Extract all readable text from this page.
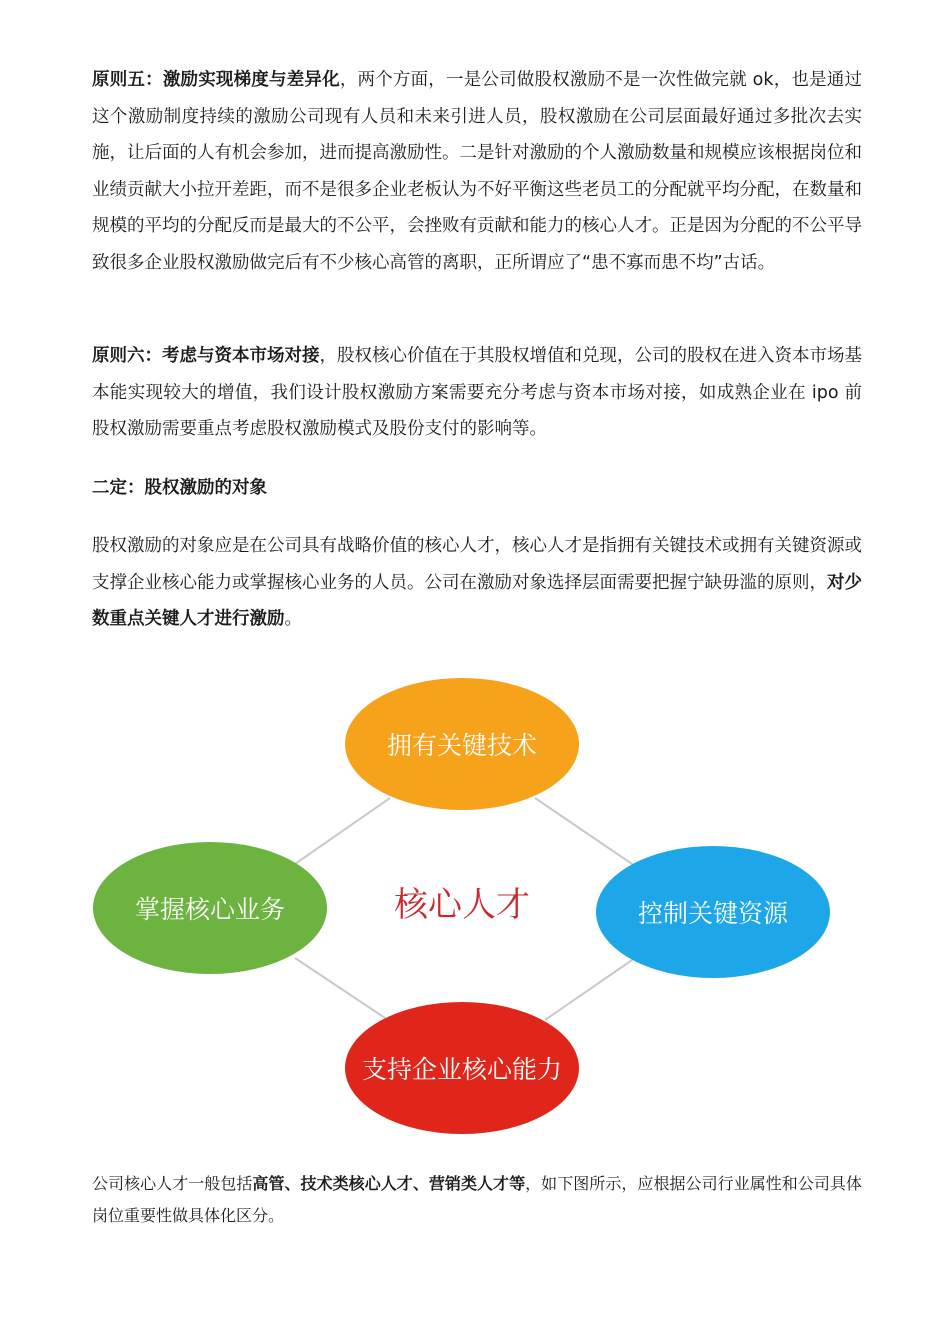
原则五：激励实现梯度与差异化，两个方面，一是公司做股权激励不是一次性做完就 ok，也是通过这个激励制度持续的激励公司现有人员和未来引进人员，股权激励在公司层面最好通过多批次去实施，让后面的人有机会参加，进而提高激励性。二是针对激励的个人激励数量和规模应该根据岗位和业绩贡献大小拉开差距，而不是很多企业老板认为不好平衡这些老员工的分配就平均分配，在数量和规模的平均的分配反而是最大的不公平，会挫败有贡献和能力的核心人才。正是因为分配的不公平导致很多企业股权激励做完后有不少核心高管的离职，正所谓应了“患不寡而患不均”古话。

原则六：考虑与资本市场对接，股权核心价值在于其股权增值和兑现，公司的股权在进入资本市场基本能实现较大的增值，我们设计股权激励方案需要充分考虑与资本市场对接，如成熟企业在 ipo 前股权激励需要重点考虑股权激励模式及股份支付的影响等。

二定：股权激励的对象

股权激励的对象应是在公司具有战略价值的核心人才，核心人才是指拥有关键技术或拥有关键资源或支撑企业核心能力或掌握核心业务的人员。公司在激励对象选择层面需要把握宁缺毋滥的原则，对少数重点关键人才进行激励。

拥有关键技术
掌握核心业务	控制关键资源
支持企业核心能力
核心人才

公司核心人才一般包括高管、技术类核心人才、营销类人才等，如下图所示，应根据公司行业属性和公司具体岗位重要性做具体化区分。
